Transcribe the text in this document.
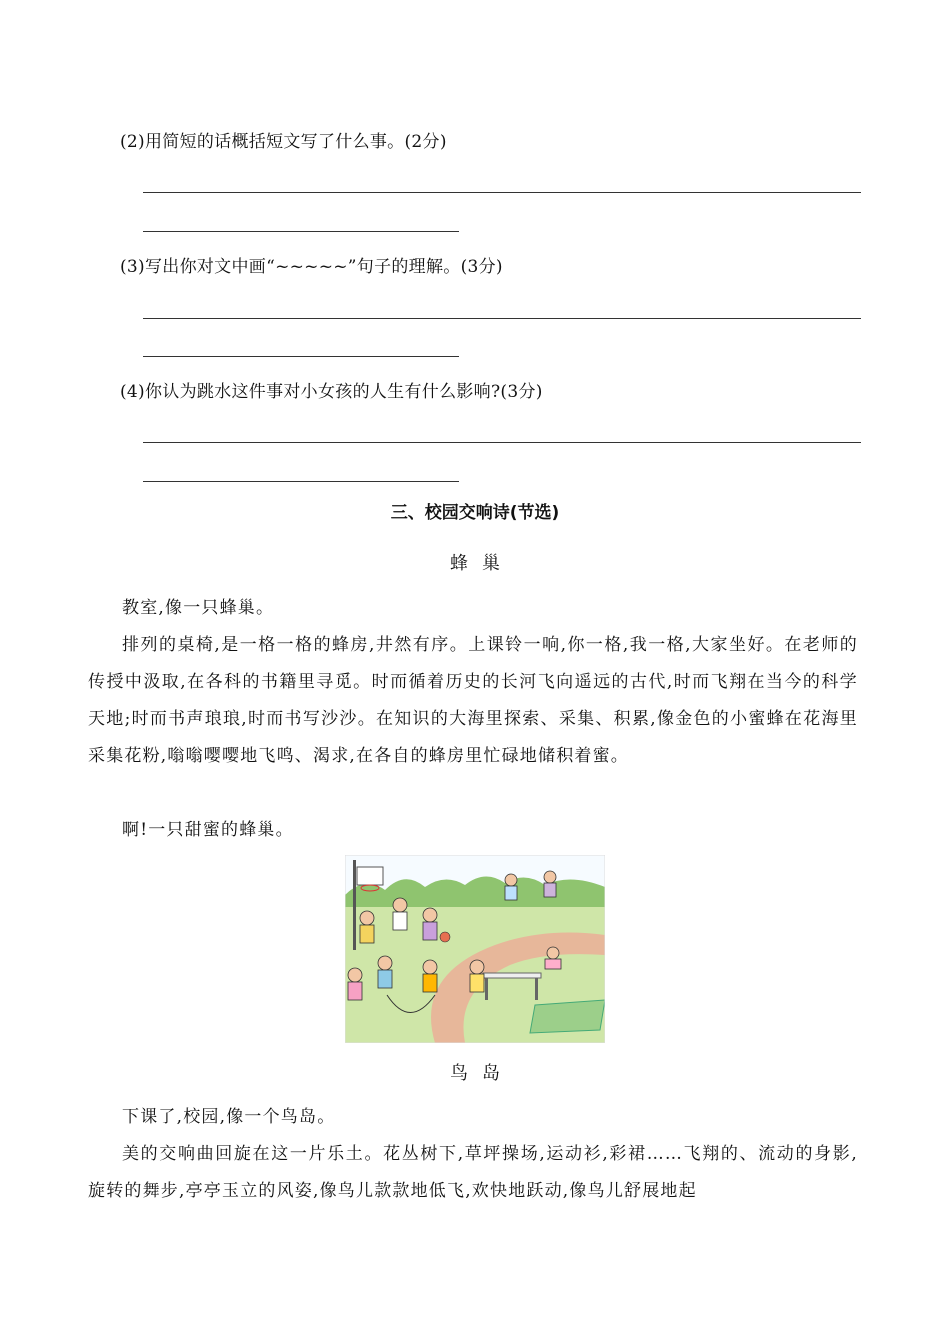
(2)用简短的话概括短文写了什么事。(2分)
(3)写出你对文中画“~~~~~”句子的理解。(3分)
(4)你认为跳水这件事对小女孩的人生有什么影响?(3分)
三、校园交响诗(节选)
蜂巢

教室,像一只蜂巢。

排列的桌椅,是一格一格的蜂房,井然有序。上课铃一响,你一格,我一格,大家坐好。在老师的传授中汲取,在各科的书籍里寻觅。时而循着历史的长河飞向遥远的古代,时而飞翔在当今的科学天地;时而书声琅琅,时而书写沙沙。在知识的大海里探索、采集、积累,像金色的小蜜蜂在花海里采集花粉,嗡嗡嘤嘤地飞鸣、渴求,在各自的蜂房里忙碌地储积着蜜。

啊!一只甜蜜的蜂巢。

鸟岛

下课了,校园,像一个鸟岛。

美的交响曲回旋在这一片乐土。花丛树下,草坪操场,运动衫,彩裙……飞翔的、流动的身影,旋转的舞步,亭亭玉立的风姿,像鸟儿款款地低飞,欢快地跃动,像鸟儿舒展地起
